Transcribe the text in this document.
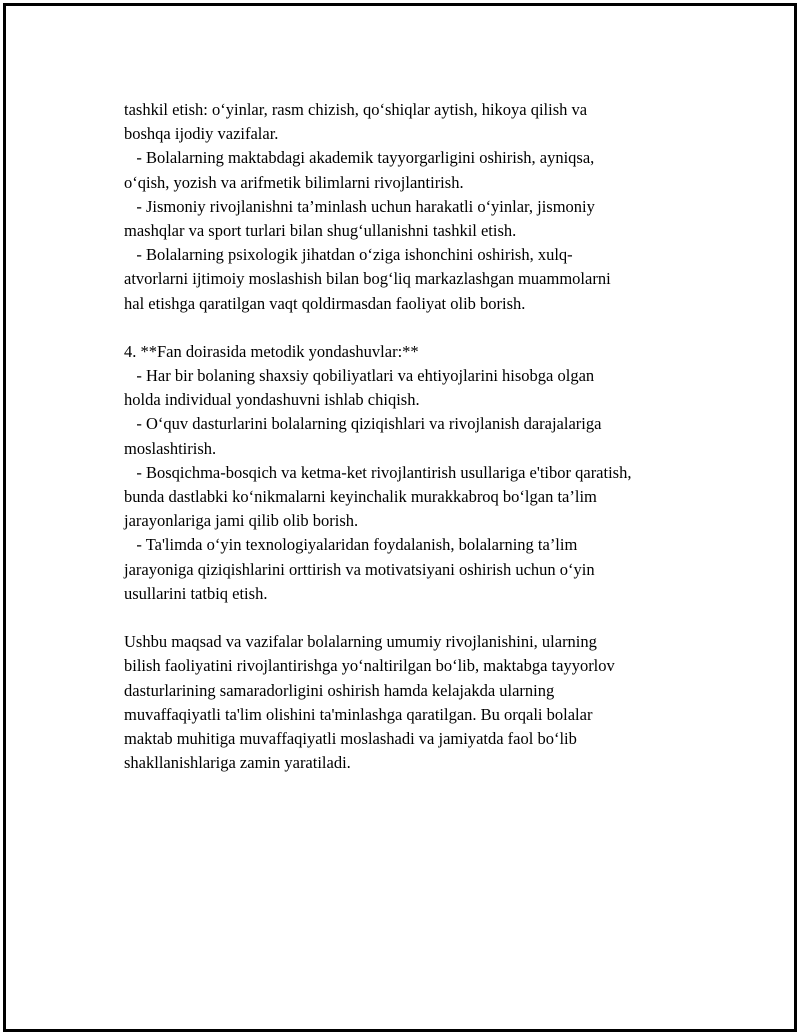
tashkil etish: o‘yinlar, rasm chizish, qo‘shiqlar aytish, hikoya qilish va
boshqa ijodiy vazifalar.
- Bolalarning maktabdagi akademik tayyorgarligini oshirish, ayniqsa,
o‘qish, yozish va arifmetik bilimlarni rivojlantirish.
- Jismoniy rivojlanishni ta’minlash uchun harakatli o‘yinlar, jismoniy
mashqlar va sport turlari bilan shug‘ullanishni tashkil etish.
- Bolalarning psixologik jihatdan o‘ziga ishonchini oshirish, xulq-
atvorlarni ijtimoiy moslashish bilan bog‘liq markazlashgan muammolarni
hal etishga qaratilgan vaqt qoldirmasdan faoliyat olib borish.
4. **Fan doirasida metodik yondashuvlar:**
- Har bir bolaning shaxsiy qobiliyatlari va ehtiyojlarini hisobga olgan
holda individual yondashuvni ishlab chiqish.
- O‘quv dasturlarini bolalarning qiziqishlari va rivojlanish darajalariga
moslashtirish.
- Bosqichma-bosqich va ketma-ket rivojlantirish usullariga e'tibor qaratish,
bunda dastlabki ko‘nikmalarni keyinchalik murakkabroq bo‘lgan ta’lim
jarayonlariga jami qilib olib borish.
- Ta'limda o‘yin texnologiyalaridan foydalanish, bolalarning ta’lim
jarayoniga qiziqishlarini orttirish va motivatsiyani oshirish uchun o‘yin
usullarini tatbiq etish.
Ushbu maqsad va vazifalar bolalarning umumiy rivojlanishini, ularning
bilish faoliyatini rivojlantirishga yo‘naltirilgan bo‘lib, maktabga tayyorlov
dasturlarining samaradorligini oshirish hamda kelajakda ularning
muvaffaqiyatli ta'lim olishini ta'minlashga qaratilgan. Bu orqali bolalar
maktab muhitiga muvaffaqiyatli moslashadi va jamiyatda faol bo‘lib
shakllanishlariga zamin yaratiladi.
